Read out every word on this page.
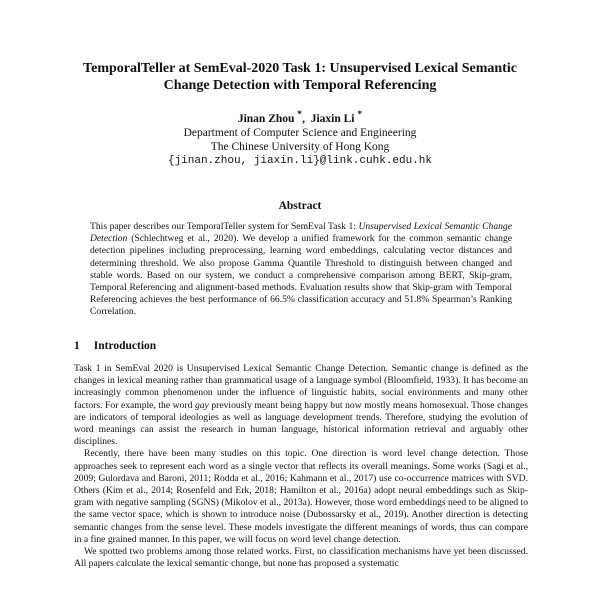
TemporalTeller at SemEval-2020 Task 1: Unsupervised Lexical Semantic
Change Detection with Temporal Referencing
Jinan Zhou *,  Jiaxin Li *
Department of Computer Science and Engineering
The Chinese University of Hong Kong
{jinan.zhou, jiaxin.li}@link.cuhk.edu.hk
Abstract
This paper describes our TemporalTeller system for SemEval Task 1: Unsupervised Lexical Semantic Change Detection (Schlechtweg et al., 2020). We develop a unified framework for the common semantic change detection pipelines including preprocessing, learning word embeddings, calculating vector distances and determining threshold. We also propose Gamma Quantile Threshold to distinguish between changed and stable words. Based on our system, we conduct a comprehensive comparison among BERT, Skip-gram, Temporal Referencing and alignment-based methods. Evaluation results show that Skip-gram with Temporal Referencing achieves the best performance of 66.5% classification accuracy and 51.8% Spearman’s Ranking Correlation.
1 Introduction

Task 1 in SemEval 2020 is Unsupervised Lexical Semantic Change Detection. Semantic change is defined as the changes in lexical meaning rather than grammatical usage of a language symbol (Bloomfield, 1933). It has become an increasingly common phenomenon under the influence of linguistic habits, social environments and many other factors. For example, the word gay previously meant being happy but now mostly means homosexual. Those changes are indicators of temporal ideologies as well as language development trends. Therefore, studying the evolution of word meanings can assist the research in human language, historical information retrieval and arguably other disciplines.

Recently, there have been many studies on this topic. One direction is word level change detection. Those approaches seek to represent each word as a single vector that reflects its overall meanings. Some works (Sagi et al., 2009; Gulordava and Baroni, 2011; Rodda et al., 2016; Kahmann et al., 2017) use co-occurrence matrices with SVD. Others (Kim et al., 2014; Rosenfeld and Erk, 2018; Hamilton et al., 2016a) adopt neural embeddings such as Skip-gram with negative sampling (SGNS) (Mikolov et al., 2013a). However, those word embeddings need to be aligned to the same vector space, which is shown to introduce noise (Dubossarsky et al., 2019). Another direction is detecting semantic changes from the sense level. These models investigate the different meanings of words, thus can compare in a fine grained manner. In this paper, we will focus on word level change detection.

We spotted two problems among those related works. First, no classification mechanisms have yet been discussed. All papers calculate the lexical semantic change, but none has proposed a systematic
